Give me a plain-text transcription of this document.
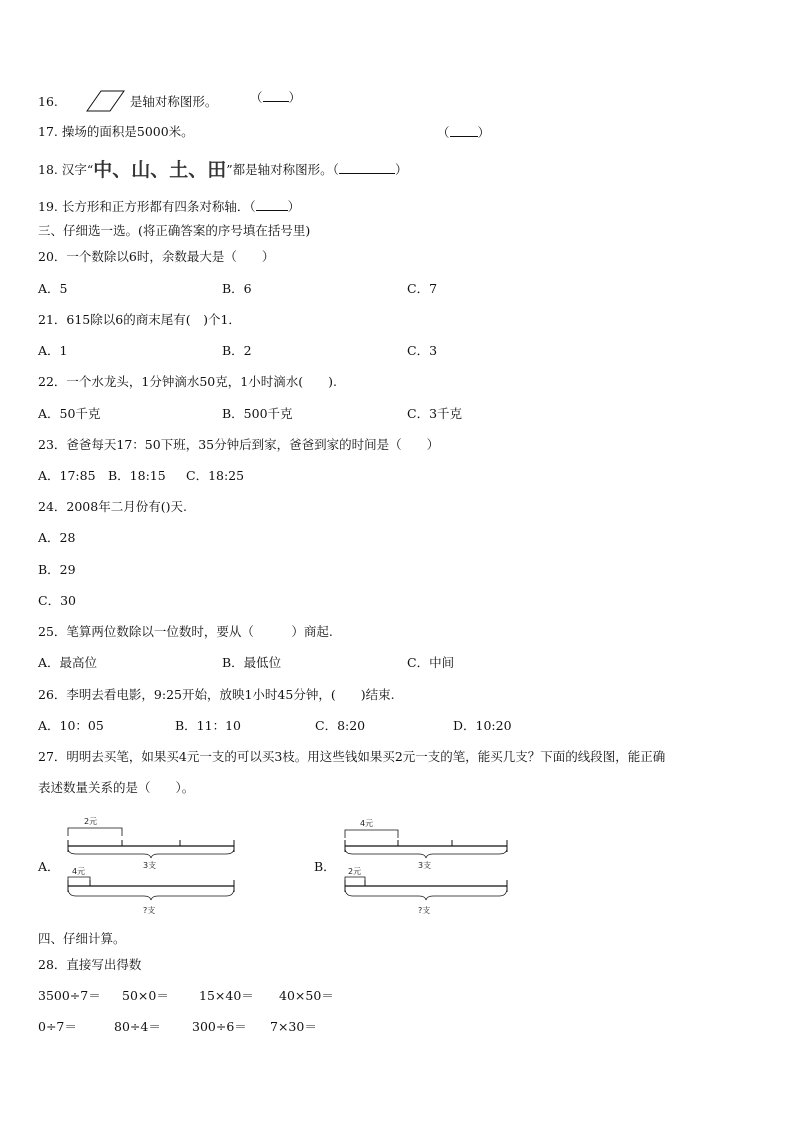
16.	是轴对称图形。	（ ）
17. 操场的面积是5000米。	（ ）
18. 汉字“中、山、土、田”都是轴对称图形。（	）
19. 长方形和正方形都有四条对称轴．（	）
三、仔细选一选。(将正确答案的序号填在括号里)
20．一个数除以6时，余数最大是（　　）
A．5	B．6	C．7
21．615除以6的商末尾有(　)个1．
A．1	B．2	C．3
22．一个水龙头，1分钟滴水50克，1小时滴水(　　).
A．50千克	B．500千克	C．3千克
23．爸爸每天17：50下班，35分钟后到家，爸爸到家的时间是（　　）
A．17:85 B．18:15 C．18:25
24．2008年二月份有()天.
A．28
B．29
C．30
25．笔算两位数除以一位数时，要从（　　　）商起.
A．最高位	B．最低位	C．中间
26．李明去看电影，9:25开始，放映1小时45分钟，(　　)结束.
A．10：05	B．11：10	C．8:20	D．10:20
27．明明去买笔，如果买4元一支的可以买3枝。用这些钱如果买2元一支的笔，能买几支？下面的线段图，能正确
表述数量关系的是（　　）。
A．
2元
3支
4元
?支
B．
4元
3支
2元
?支
四、仔细计算。
28．直接写出得数
3500÷7＝ 50×0＝ 15×40＝ 40×50＝
0÷7＝	80÷4＝ 300÷6＝ 7×30＝
